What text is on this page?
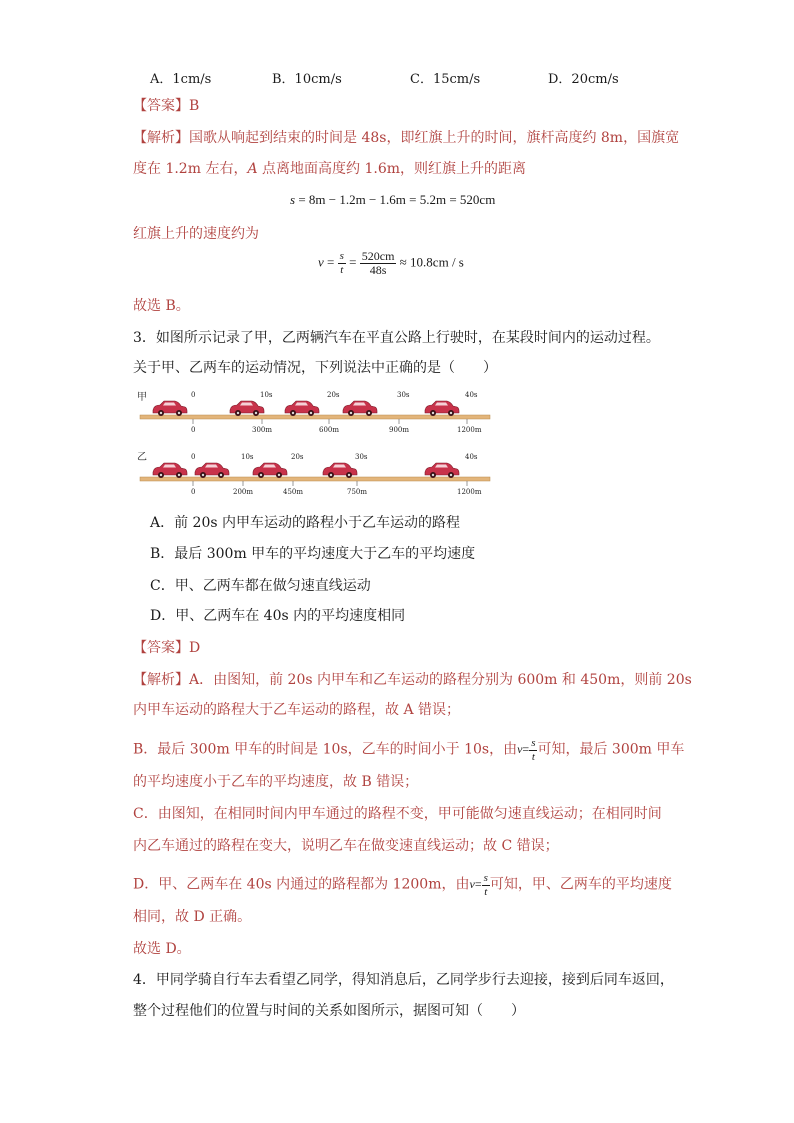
A．1cm/s	B．10cm/s	C．15cm/s	D．20cm/s
【答案】B
【解析】国歌从响起到结束的时间是 48s，即红旗上升的时间，旗杆高度约 8m，国旗宽
度在 1.2m 左右，A 点离地面高度约 1.6m，则红旗上升的距离
s = 8m − 1.2m − 1.6m = 5.2m = 520cm
红旗上升的速度约为
$v = \frac{s}{t} = \frac{520cm}{48s} \approx 10.8cm / s$
故选 B。
3．如图所示记录了甲，乙两辆汽车在平直公路上行驶时，在某段时间内的运动过程。
关于甲、乙两车的运动情况，下列说法中正确的是（　　）
甲	0	10s	20s	30s	40s
0	300m	600m	900m	1200m
乙	0	10s	20s	30s	40s
0	200m	450m	750m	1200m
A．前 20s 内甲车运动的路程小于乙车运动的路程
B．最后 300m 甲车的平均速度大于乙车的平均速度
C．甲、乙两车都在做匀速直线运动
D．甲、乙两车在 40s 内的平均速度相同
【答案】D
【解析】A．由图知，前 20s 内甲车和乙车运动的路程分别为 600m 和 450m，则前 20s
内甲车运动的路程大于乙车运动的路程，故 A 错误；
B．最后 300m 甲车的时间是 10s，乙车的时间小于 10s，由$v= \frac{s}{t}$ 可知，最后 300m 甲车
的平均速度小于乙车的平均速度，故 B 错误；
C．由图知，在相同时间内甲车通过的路程不变，甲可能做匀速直线运动；在相同时间
内乙车通过的路程在变大，说明乙车在做变速直线运动；故 C 错误；
D．甲、乙两车在 40s 内通过的路程都为 1200m，由$v= \frac{s}{t}$ 可知，甲、乙两车的平均速度
相同，故 D 正确。
故选 D。
4．甲同学骑自行车去看望乙同学，得知消息后，乙同学步行去迎接，接到后同车返回，
整个过程他们的位置与时间的关系如图所示，据图可知（　　）
